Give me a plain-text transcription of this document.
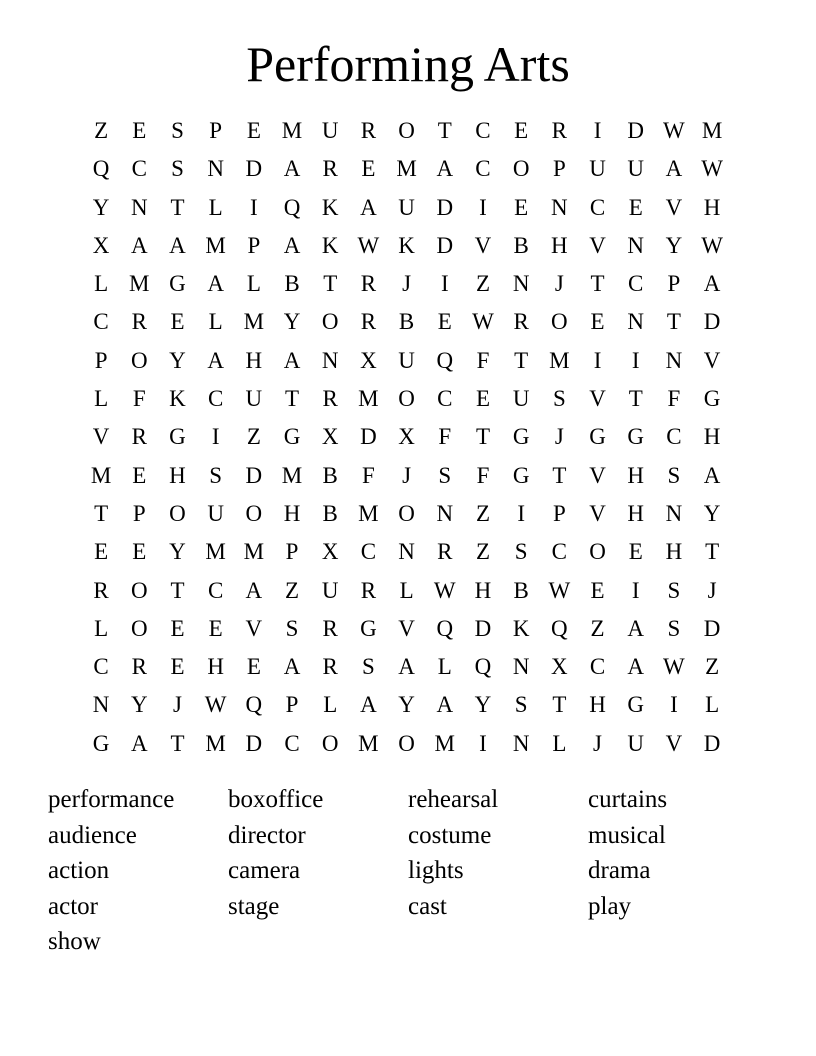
Performing Arts
Z	E	S	P	E M U R O T	C	E	R	I	D W M
Q C	S	N D A R	E M A C O	P	U U A W
Y N T	L	I	Q K A U D	I	E N C	E V H
X A A M P	A K W K D V B H V N Y W
L M G A L	B	T	R	J	I	Z N	J	T	C	P	A
C R	E	L M Y O R B	E W R O E N T D
P	O Y A H A N X U Q	F	T M	I	I	N V
L	F	K C U T	R M O C	E U	S	V T	F	G
V R G	I	Z G X D X	F	T G	J	G G C H
M E H	S	D M B	F	J	S	F	G T V H	S	A
T	P	O U O H B M O N Z	I	P	V H N Y
E	E Y M M P	X C N R	Z	S	C O E H T
R O T	C A Z U R	L W H B W E	I	S	J
L O E	E V	S	R G V Q D K Q Z A	S	D
C R	E H E A R	S	A L Q N X C A W Z
N Y	J W Q	P	L A Y A Y	S	T H G	I	L
G A T M D C O M O M	I	N L	J	U V D
performance	boxoffice	rehearsal	curtains
audience	director	costume	musical
action	camera	lights	drama
actor	stage	cast	play
show
